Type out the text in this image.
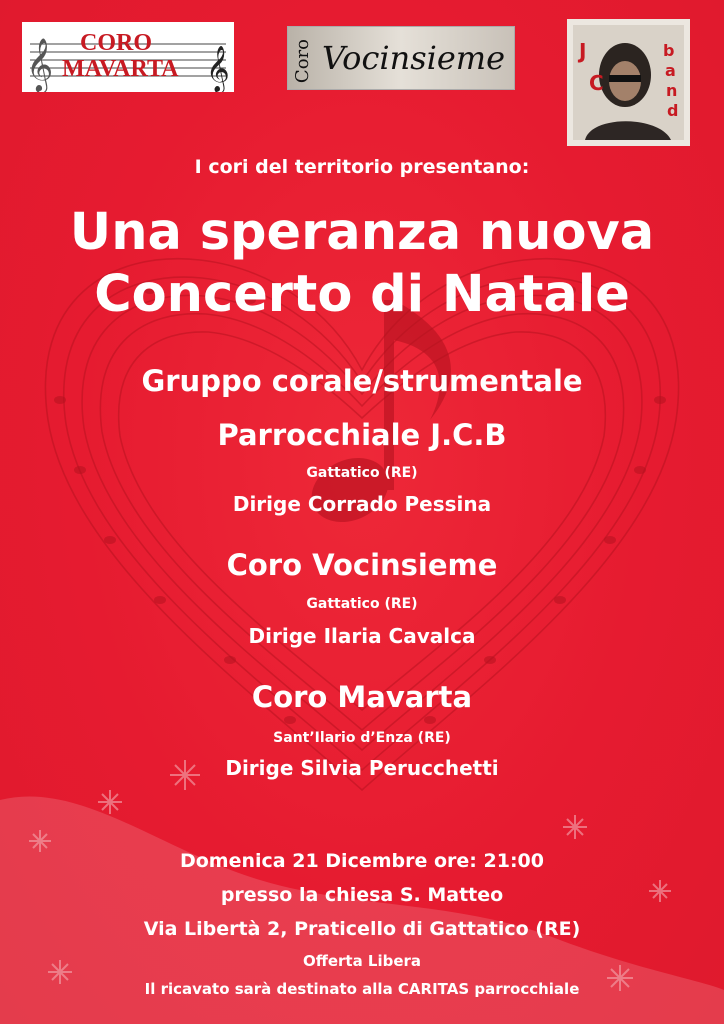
𝄞	𝄞
CORO
MAVARTA	Coro Vocinsieme	J
C
b
a
n
d
I cori del territorio presentano:
Una speranza nuova
Concerto di Natale
Gruppo corale/strumentale
Parrocchiale J.C.B
Gattatico (RE)
Dirige Corrado Pessina
Coro Vocinsieme
Gattatico (RE)
Dirige Ilaria Cavalca
Coro Mavarta
Sant’Ilario d’Enza (RE)
Dirige Silvia Perucchetti
Domenica 21 Dicembre ore: 21:00
presso la chiesa S. Matteo
Via Libertà 2, Praticello di Gattatico (RE)
Offerta Libera
Il ricavato sarà destinato alla CARITAS parrocchiale
